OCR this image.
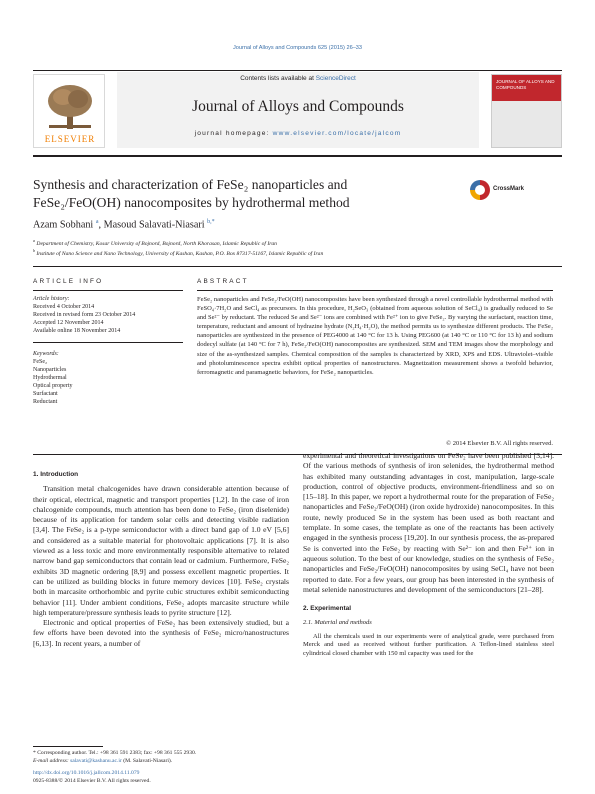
Journal of Alloys and Compounds 625 (2015) 26–33
ELSEVIER
Contents lists available at ScienceDirect
Journal of Alloys and Compounds
journal homepage: www.elsevier.com/locate/jalcom
JOURNAL OF ALLOYS AND COMPOUNDS
Synthesis and characterization of FeSe₂ nanoparticles and
FeSe₂/FeO(OH) nanocomposites by hydrothermal method
CrossMark
Azam Sobhani $^a$, Masoud Salavati-Niasari $^{b,*}$
$^a$ Department of Chemistry, Kosar University of Bojnord, Bojnord, North Khorasan, Islamic Republic of Iran
$^b$ Institute of Nano Science and Nano Technology, University of Kashan, Kashan, P.O. Box 87317-51167, Islamic Republic of Iran
ARTICLE INFO
Article history:
Received 4 October 2014
Received in revised form 23 October 2014
Accepted 12 November 2014
Available online 18 November 2014
Keywords:
FeSe₂
Nanoparticles
Hydrothermal
Optical property
Surfactant
Reductant
ABSTRACT
FeSe₂ nanoparticles and FeSe₂/FeO(OH) nanocomposites have been synthesized through a novel controllable hydrothermal method with FeSO₄·7H₂O and SeCl₄ as precursors. In this procedure, H₂SeO₃ (obtained from aqueous solution of SeCl₄) is gradually reduced to Se and Se²⁻ by reductant. The reduced Se and Se²⁻ ions are combined with Fe²⁺ ion to give FeSe₂. By varying the surfactant, reaction time, temperature, reductant and amount of hydrazine hydrate (N₂H₄·H₂O), the method permits us to synthesize different products. The FeSe₂ nanoparticles are synthesized in the presence of PEG4000 at 140 °C for 13 h. Using PEG600 (at 140 °C or 110 °C for 13 h) and sodium dodecyl sulfate (at 140 °C for 7 h), FeSe₂/FeO(OH) nanocomposites are synthesized. SEM and TEM images show the morphology and size of the as-synthesized samples. Chemical composition of the samples is characterized by XRD, XPS and EDS. Ultraviolet–visible and photoluminescence spectra exhibit optical properties of nanostructures. Magnetization measurement shows a twofold behavior, ferromagnetic and paramagnetic behaviors, for FeSe₂ nanoparticles.
© 2014 Elsevier B.V. All rights reserved.
1. Introduction

Transition metal chalcogenides have drawn considerable attention because of their optical, electrical, magnetic and transport properties [1,2]. In the case of iron chalcogenide compounds, much attention has been done to FeSe₂ (iron diselenide) because of its application for tandem solar cells and detecting visible radiation [3,4]. The FeSe₂ is a p-type semiconductor with a direct band gap of 1.0 eV [5,6] and considered as a suitable material for photovoltaic applications [7]. It is also viewed as a less toxic and more environmentally responsible alternative to related narrow band gap semiconductors that contain lead or cadmium. Furthermore, FeSe₂ exhibits 3D magnetic ordering [8,9] and possess excellent magnetic properties. It can be utilized as building blocks in future memory devices [10]. FeSe₂ crystals both in marcasite orthorhombic and pyrite cubic structures exhibit semiconducting behavior [11]. Under ambient conditions, FeSe₂ adopts marcasite structure while high temperature/pressure synthesis leads to pyrite structure [12].

Electronic and optical properties of FeSe₂ has been extensively studied, but a few efforts have been devoted into the synthesis of FeSe₂ micro/nanostructures [6,13]. In recent years, a number of

experimental and theoretical investigations on FeSe₂ have been published [3,14]. Of the various methods of synthesis of iron selenides, the hydrothermal method has exhibited many outstanding advantages in cost, manipulation, large-scale production, control of objective products, environment-friendliness and so on [15–18]. In this paper, we report a hydrothermal route for the preparation of FeSe₂ nanoparticles and FeSe₂/FeO(OH) (iron oxide hydroxide) nanocomposites. In this route, newly produced Se in the system has been used as both reactant and template. In some cases, the template as one of the reactants has been actively engaged in the synthesis process [19,20]. In our synthesis process, the as-prepared Se is converted into the FeSe₂ by reacting with Se²⁻ ion and then Fe²⁺ ion in aqueous solution. To the best of our knowledge, studies on the synthesis of FeSe₂ nanoparticles and FeSe₂/FeO(OH) nanocomposites by using SeCl₄ have not been reported to date. For a few years, our group has been interested in the synthesis of metal selenide nanostructures and development of the semiconductors [21–28].

2. Experimental
2.1. Material and methods

All the chemicals used in our experiments were of analytical grade, were purchased from Merck and used as received without further purification. A Teflon-lined stainless steel cylindrical closed chamber with 150 ml capacity was used for the

* Corresponding author. Tel.: +98 361 591 2383; fax: +98 361 555 2930.
E-mail address: salavati@kashanu.ac.ir (M. Salavati-Niasari).
http://dx.doi.org/10.1016/j.jallcom.2014.11.079
0925-8388/© 2014 Elsevier B.V. All rights reserved.
